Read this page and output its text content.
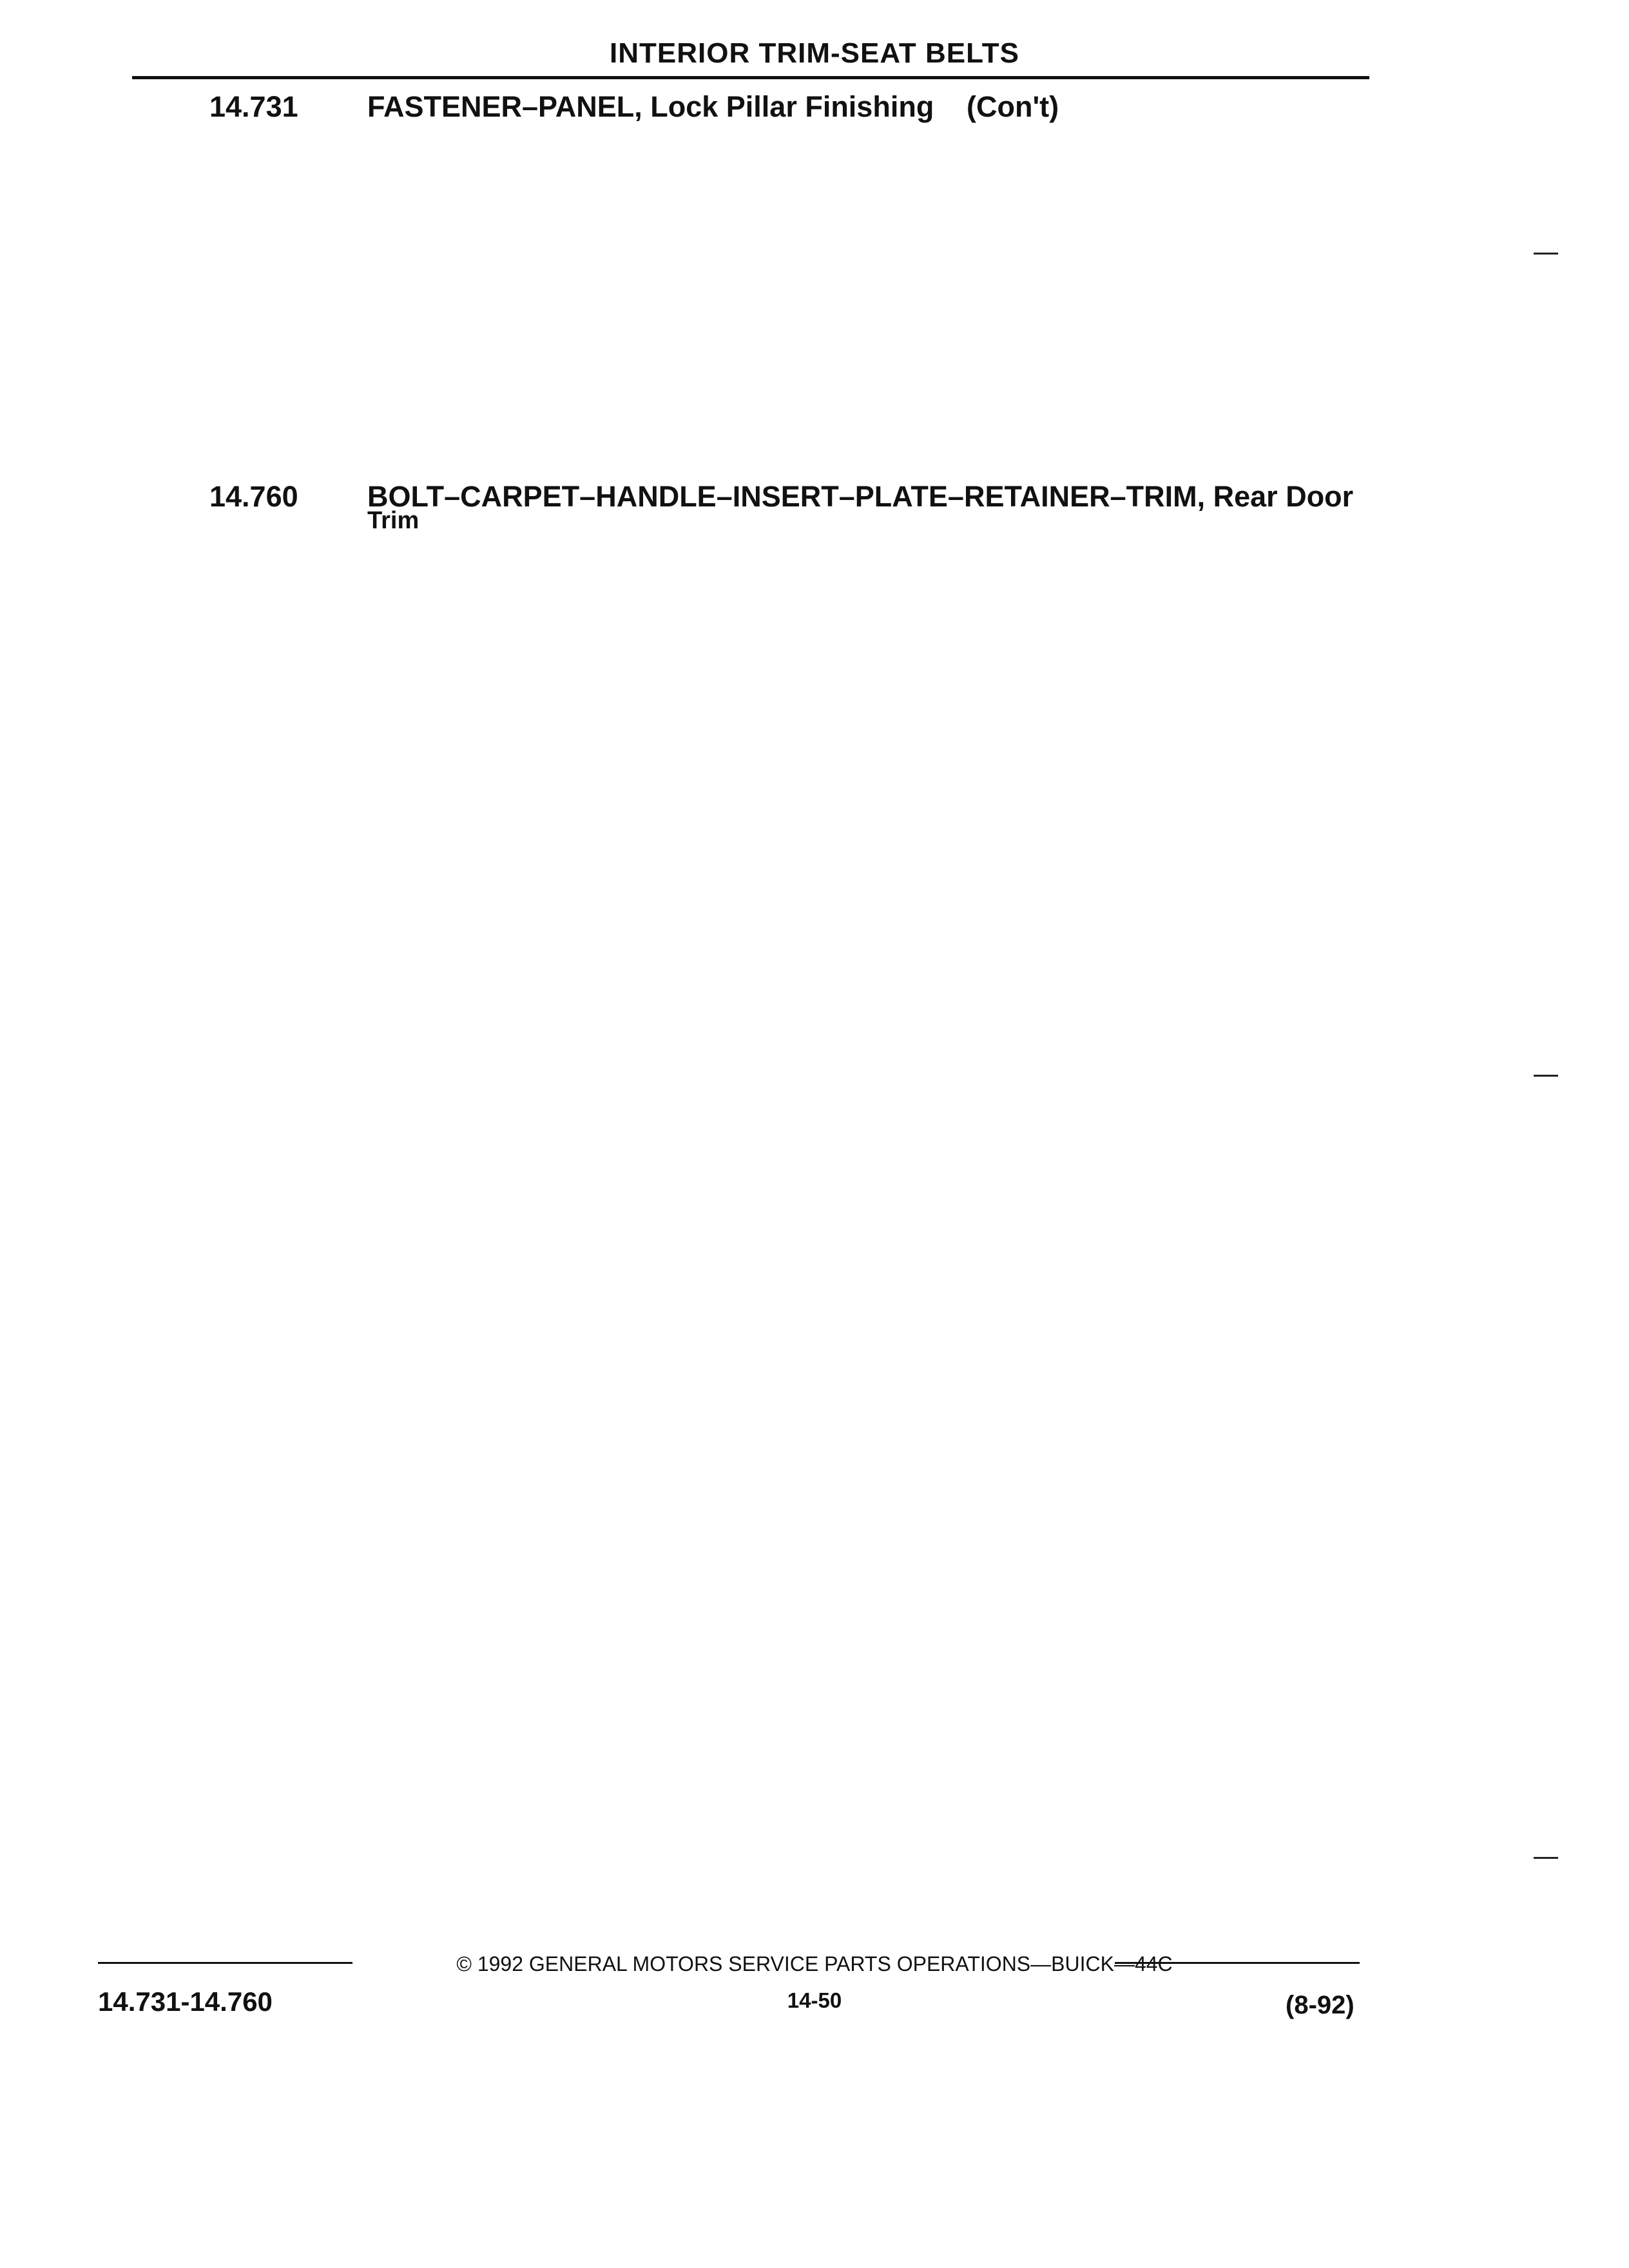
INTERIOR TRIM-SEAT BELTS
14.731 FASTENER–PANEL, Lock Pillar Finishing (Con't)
14.760 BOLT–CARPET–HANDLE–INSERT–PLATE–RETAINER–TRIM, Rear Door
Trim
© 1992 GENERAL MOTORS SERVICE PARTS OPERATIONS—BUICK—44C
14.731-14.760	14-50	(8-92)
